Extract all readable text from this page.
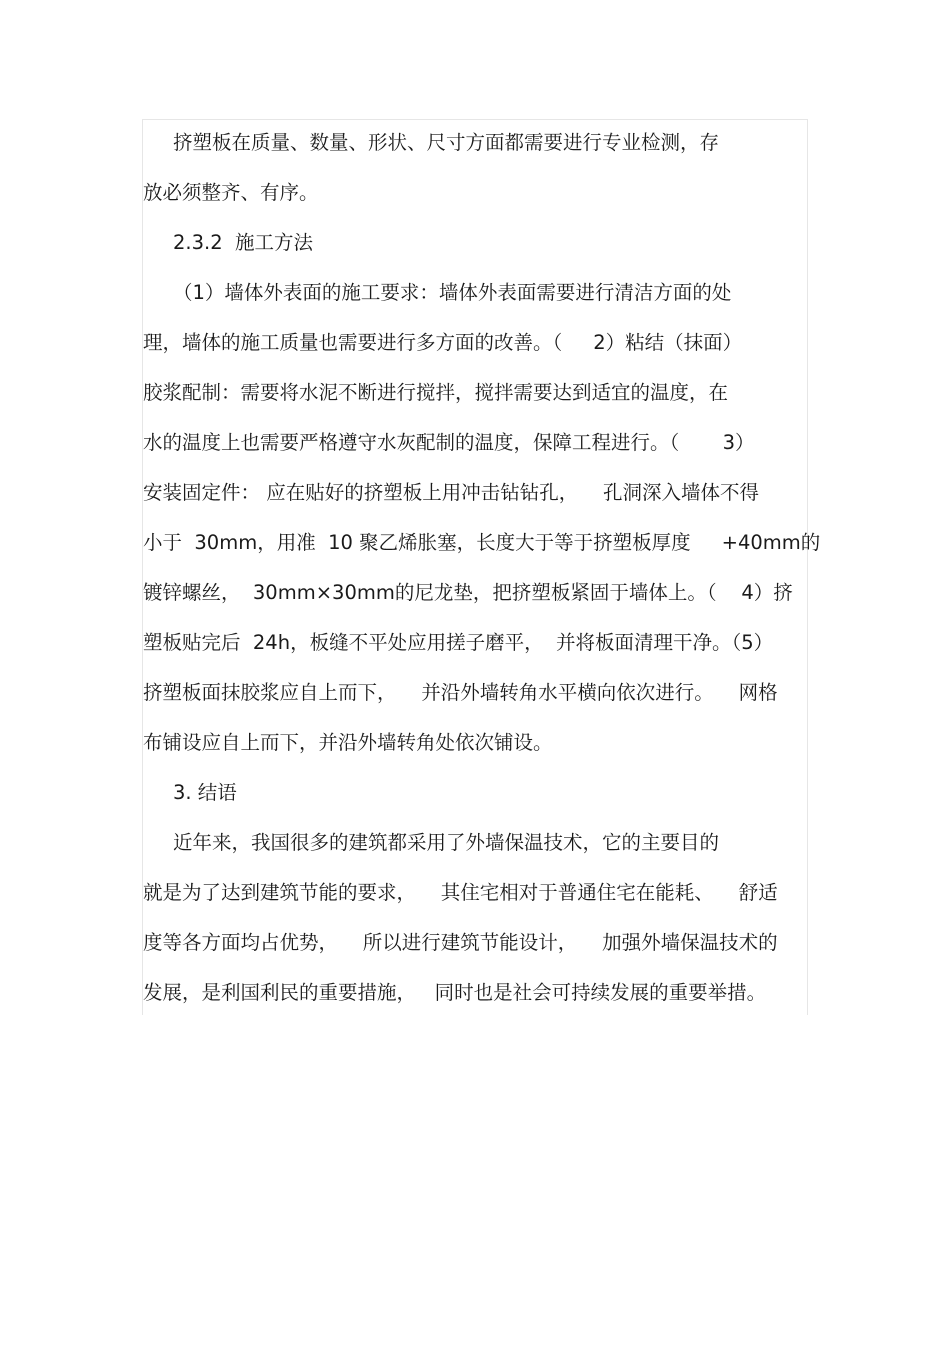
挤塑板在质量、数量、形状、尺寸方面都需要进行专业检测，存
放必须整齐、有序。
2.3.2  施工方法
（1）墙体外表面的施工要求：墙体外表面需要进行清洁方面的处
理，墙体的施工质量也需要进行多方面的改善。（     2）粘结（抹面）
胶浆配制：需要将水泥不断进行搅拌，搅拌需要达到适宜的温度，在
水的温度上也需要严格遵守水灰配制的温度，保障工程进行。（       3）
安装固定件： 应在贴好的挤塑板上用冲击钻钻孔，    孔洞深入墙体不得
小于  30mm，用准  10 聚乙烯胀塞，长度大于等于挤塑板厚度     +40mm的
镀锌螺丝，  30mm×30mm的尼龙垫，把挤塑板紧固于墙体上。（    4）挤
塑板贴完后  24h，板缝不平处应用搓子磨平，  并将板面清理干净。（5）
挤塑板面抹胶浆应自上而下，    并沿外墙转角水平横向依次进行。    网格
布铺设应自上而下，并沿外墙转角处依次铺设。
3. 结语
近年来，我国很多的建筑都采用了外墙保温技术，它的主要目的
就是为了达到建筑节能的要求，    其住宅相对于普通住宅在能耗、    舒适
度等各方面均占优势，    所以进行建筑节能设计，    加强外墙保温技术的
发展，是利国利民的重要措施，   同时也是社会可持续发展的重要举措。
